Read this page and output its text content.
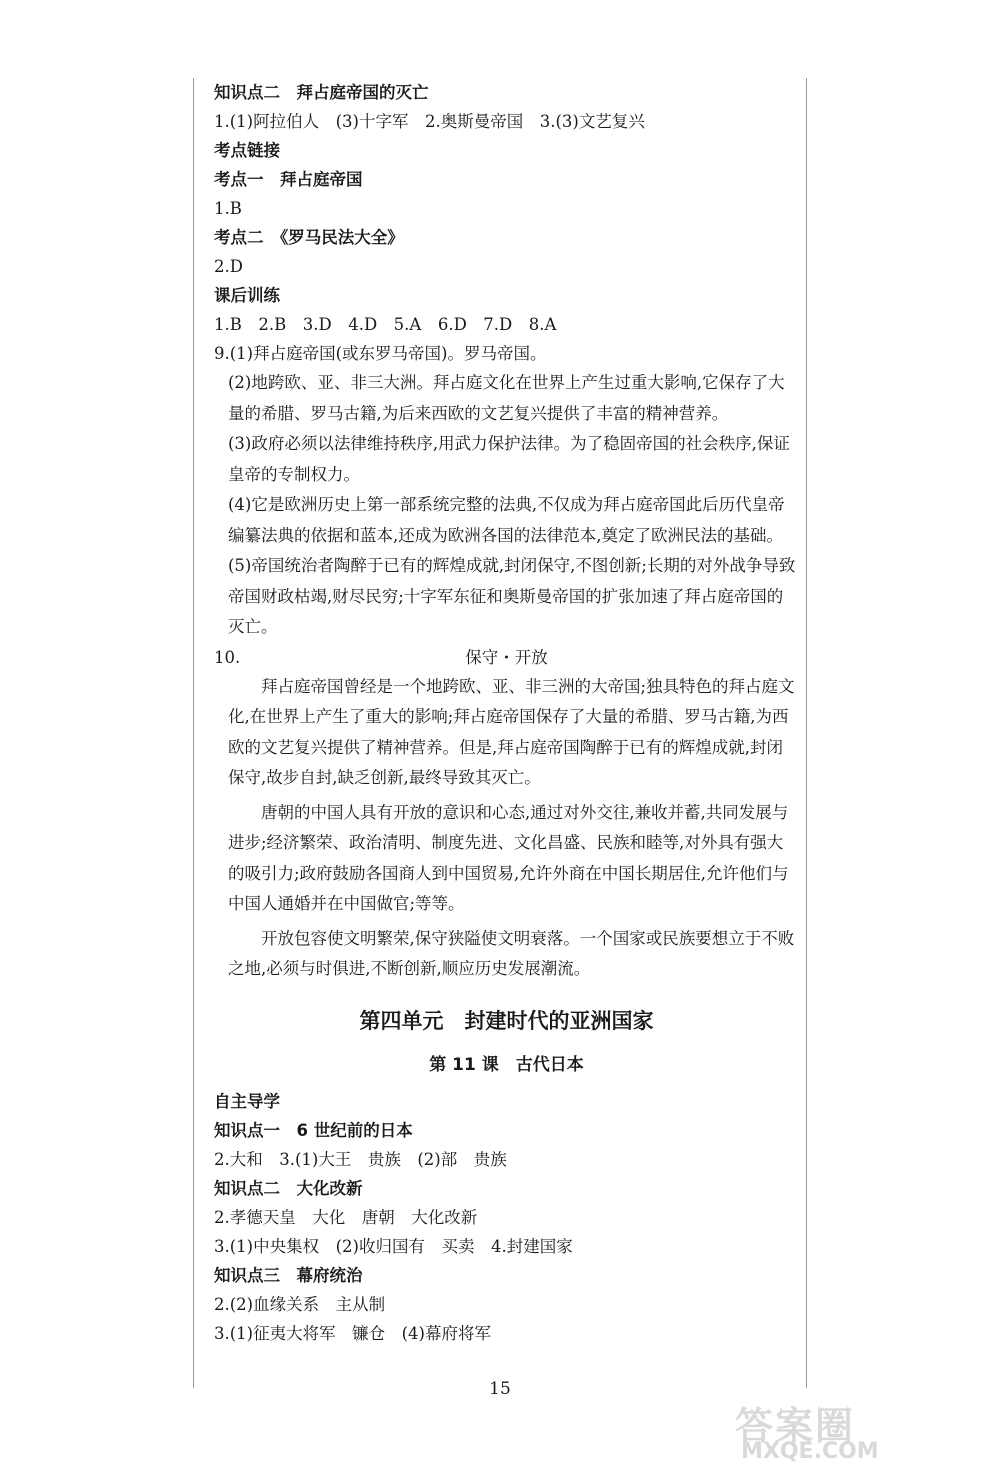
知识点二　拜占庭帝国的灭亡
1.(1)阿拉伯人　(3)十字军　2.奥斯曼帝国　3.(3)文艺复兴
考点链接
考点一　拜占庭帝国
1.B
考点二　《罗马民法大全》
2.D
课后训练
1.B　2.B　3.D　4.D　5.A　6.D　7.D　8.A
9.(1)拜占庭帝国(或东罗马帝国)。罗马帝国。
(2)地跨欧、亚、非三大洲。拜占庭文化在世界上产生过重大影响,它保存了大量的希腊、罗马古籍,为后来西欧的文艺复兴提供了丰富的精神营养。
(3)政府必须以法律维持秩序,用武力保护法律。为了稳固帝国的社会秩序,保证皇帝的专制权力。
(4)它是欧洲历史上第一部系统完整的法典,不仅成为拜占庭帝国此后历代皇帝编纂法典的依据和蓝本,还成为欧洲各国的法律范本,奠定了欧洲民法的基础。
(5)帝国统治者陶醉于已有的辉煌成就,封闭保守,不图创新;长期的对外战争导致帝国财政枯竭,财尽民穷;十字军东征和奥斯曼帝国的扩张加速了拜占庭帝国的灭亡。
10.	保守・开放
拜占庭帝国曾经是一个地跨欧、亚、非三洲的大帝国;独具特色的拜占庭文化,在世界上产生了重大的影响;拜占庭帝国保存了大量的希腊、罗马古籍,为西欧的文艺复兴提供了精神营养。但是,拜占庭帝国陶醉于已有的辉煌成就,封闭保守,故步自封,缺乏创新,最终导致其灭亡。
唐朝的中国人具有开放的意识和心态,通过对外交往,兼收并蓄,共同发展与进步;经济繁荣、政治清明、制度先进、文化昌盛、民族和睦等,对外具有强大的吸引力;政府鼓励各国商人到中国贸易,允许外商在中国长期居住,允许他们与中国人通婚并在中国做官;等等。
开放包容使文明繁荣,保守狭隘使文明衰落。一个国家或民族要想立于不败之地,必须与时俱进,不断创新,顺应历史发展潮流。
第四单元　封建时代的亚洲国家
第 11 课　古代日本
自主导学
知识点一　6 世纪前的日本
2.大和　3.(1)大王　贵族　(2)部　贵族
知识点二　大化改新
2.孝德天皇　大化　唐朝　大化改新
3.(1)中央集权　(2)收归国有　买卖　4.封建国家
知识点三　幕府统治
2.(2)血缘关系　主从制
3.(1)征夷大将军　镰仓　(4)幕府将军
15
答案圈
MXQE.COM
